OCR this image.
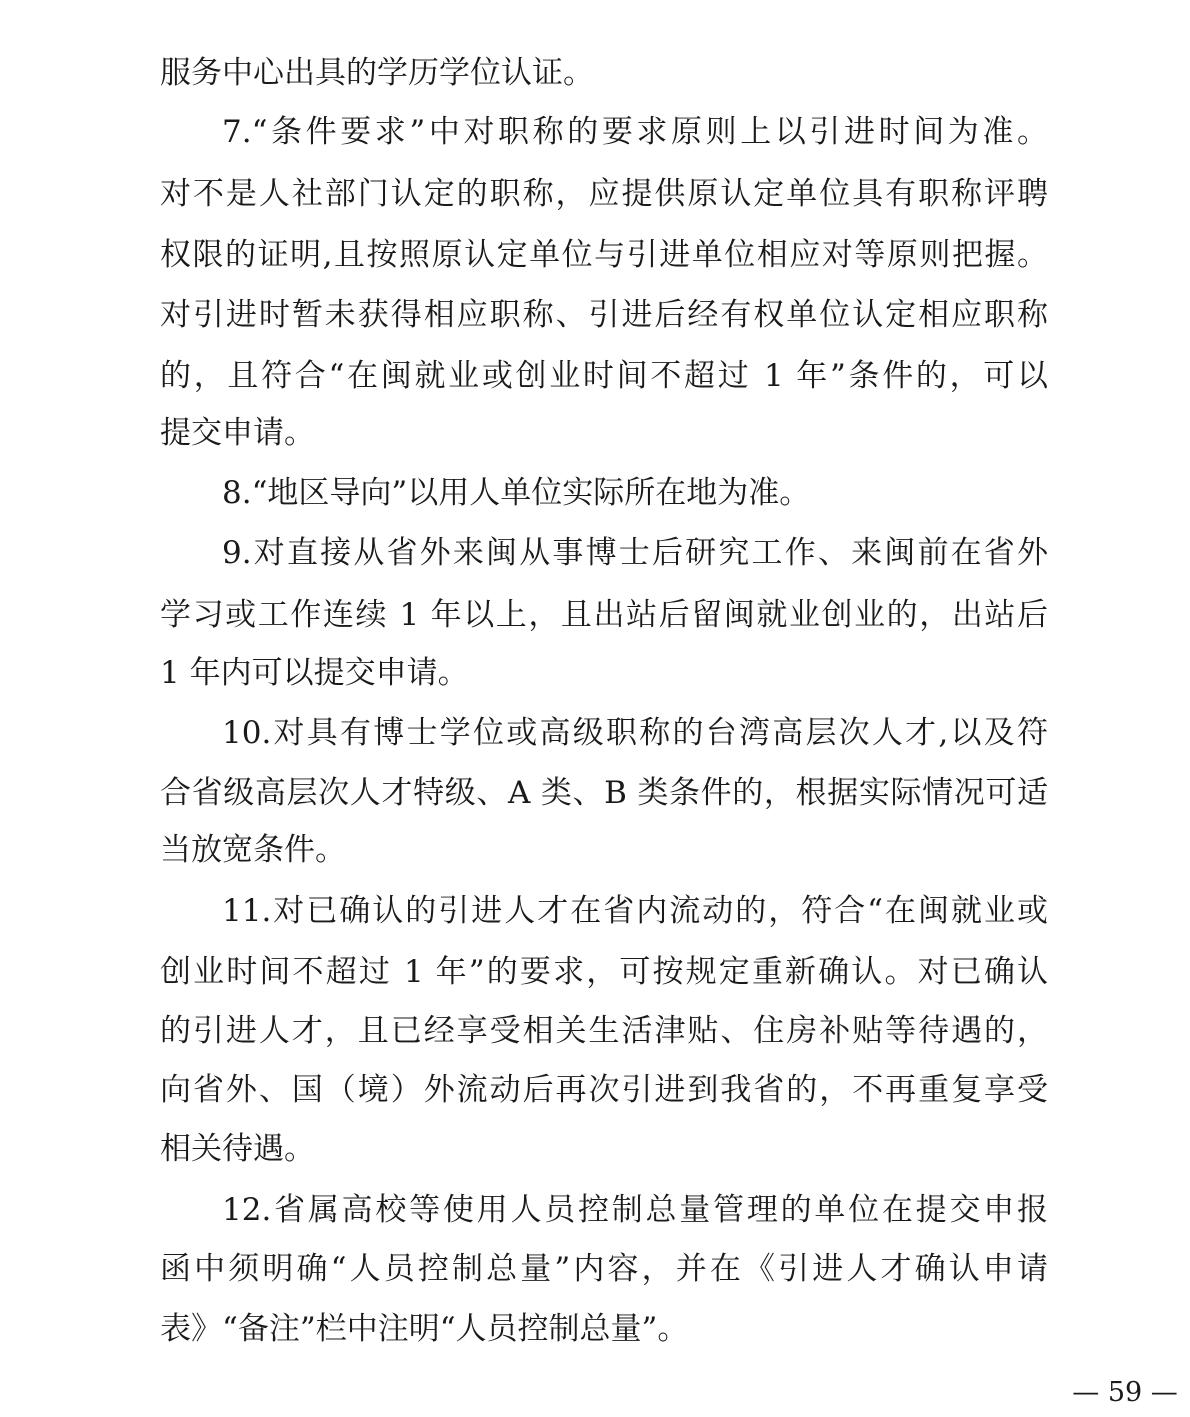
服务中心出具的学历学位认证。
7.“条件要求”中对职称的要求原则上以引进时间为准。
对不是人社部门认定的职称，应提供原认定单位具有职称评聘
权限的证明,且按照原认定单位与引进单位相应对等原则把握。
对引进时暂未获得相应职称、引进后经有权单位认定相应职称
的，且符合“在闽就业或创业时间不超过 1 年”条件的，可以
提交申请。
8.“地区导向”以用人单位实际所在地为准。
9.对直接从省外来闽从事博士后研究工作、来闽前在省外
学习或工作连续 1 年以上，且出站后留闽就业创业的，出站后
1 年内可以提交申请。
10.对具有博士学位或高级职称的台湾高层次人才,以及符
合省级高层次人才特级、A 类、B 类条件的，根据实际情况可适
当放宽条件。
11.对已确认的引进人才在省内流动的，符合“在闽就业或
创业时间不超过 1 年”的要求，可按规定重新确认。对已确认
的引进人才，且已经享受相关生活津贴、住房补贴等待遇的，
向省外、国（境）外流动后再次引进到我省的，不再重复享受
相关待遇。
12.省属高校等使用人员控制总量管理的单位在提交申报
函中须明确“人员控制总量”内容，并在《引进人才确认申请
表》“备注”栏中注明“人员控制总量”。
— 59 —
